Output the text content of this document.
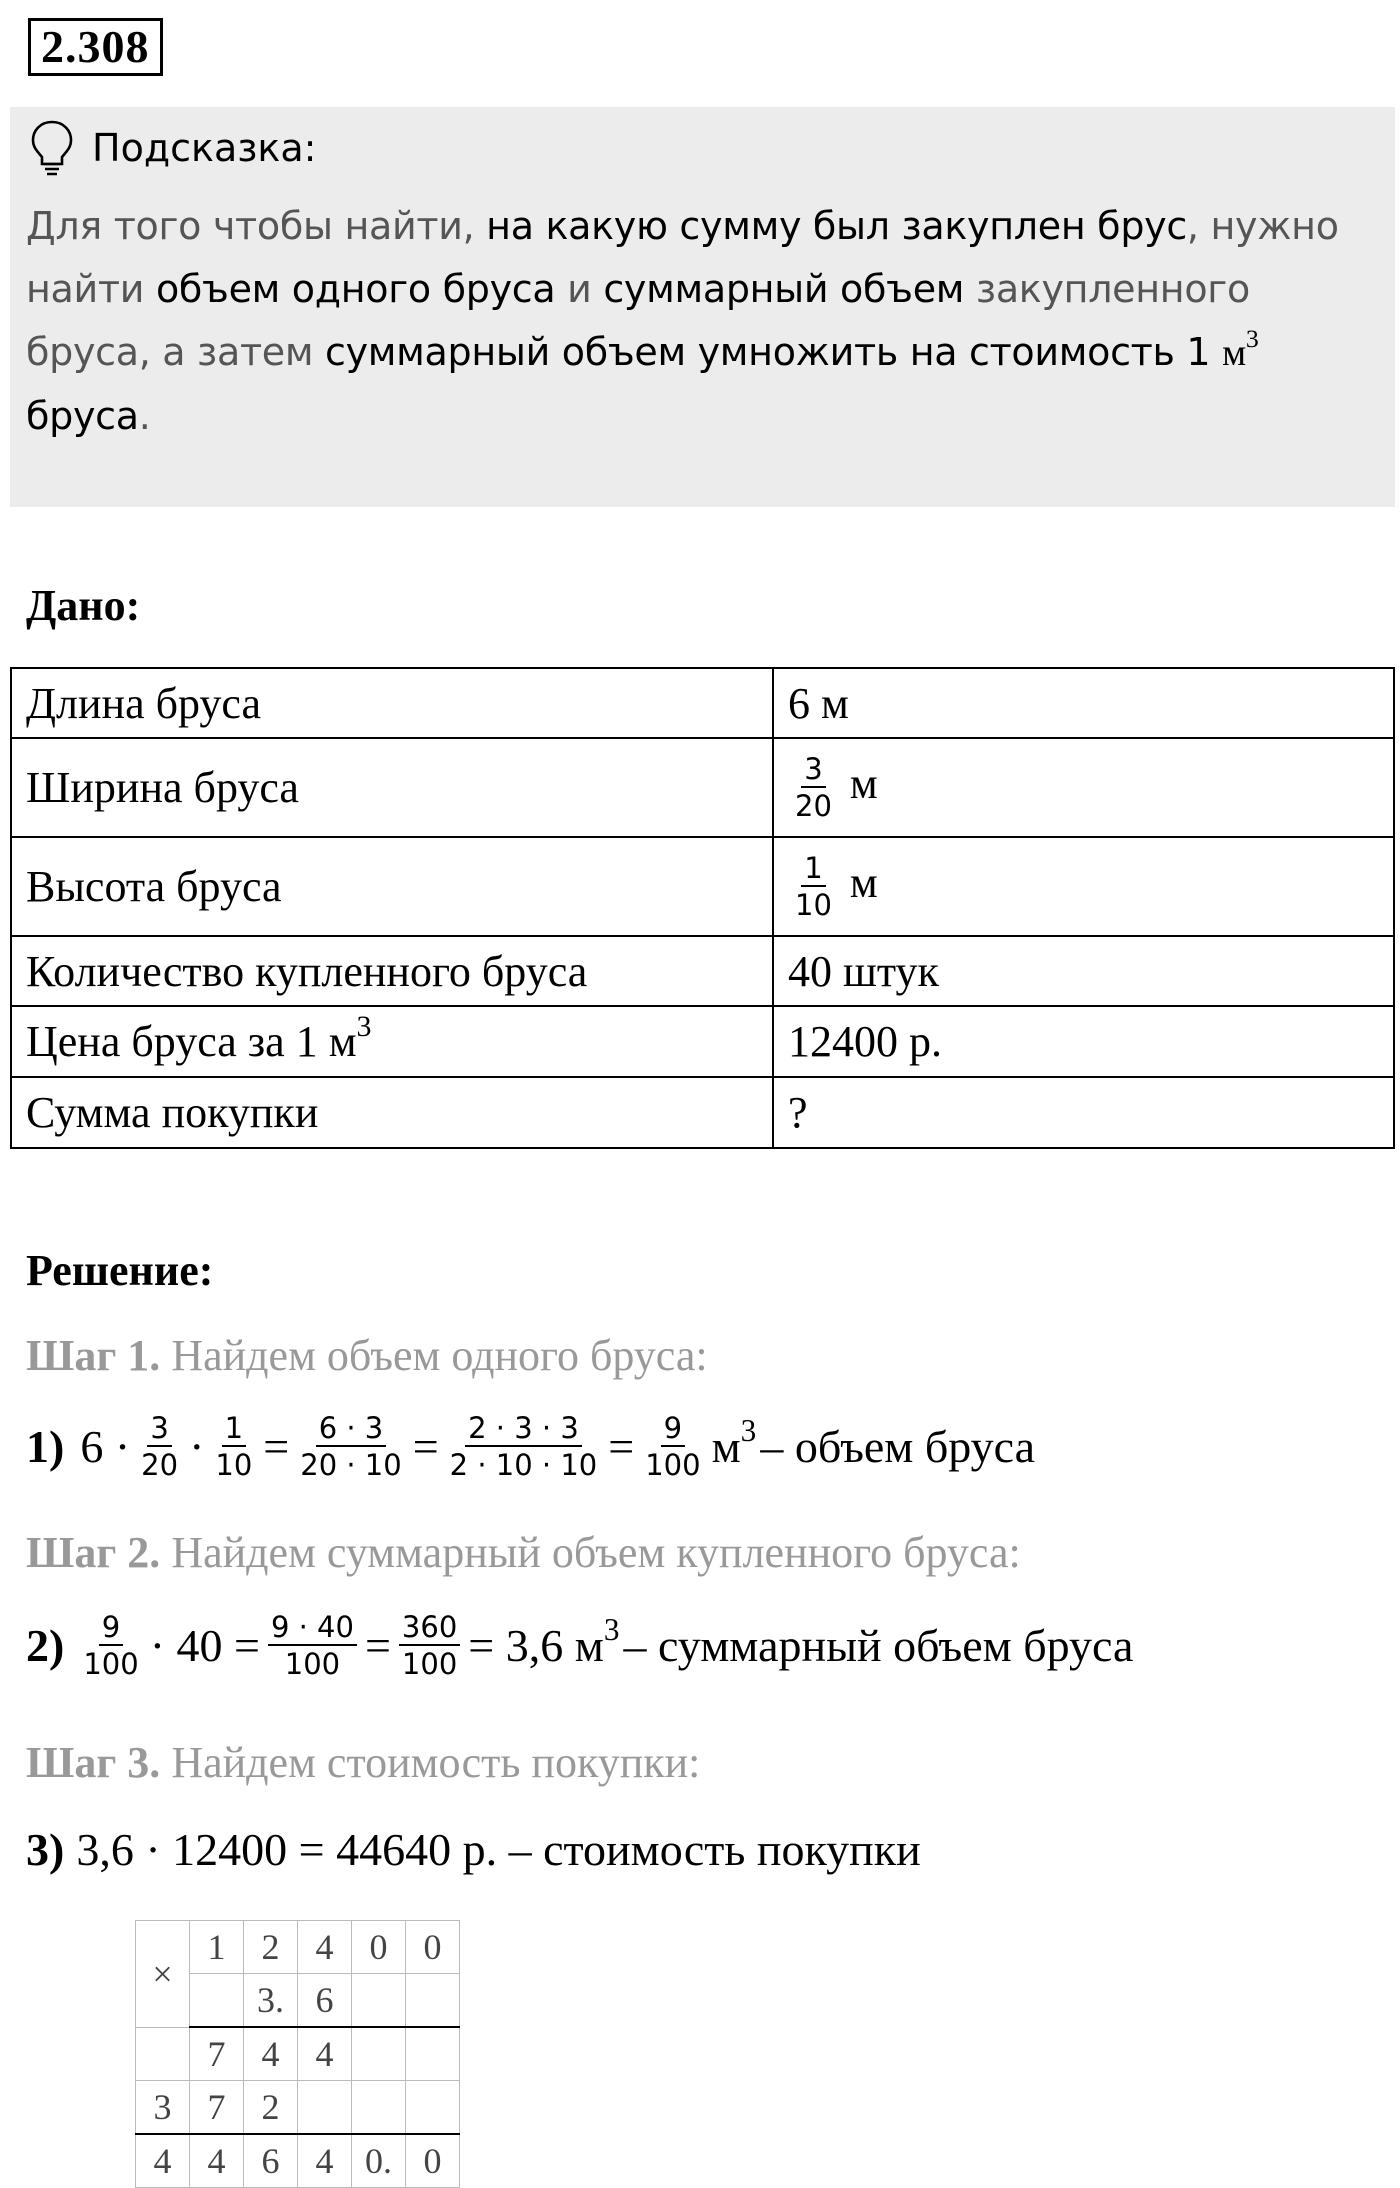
2.308
Подсказка:
Для того чтобы найти, на какую сумму был закуплен брус, нужно найти объем одного бруса и суммарный объем закупленного бруса, а затем суммарный объем умножить на стоимость 1 $м^3$ бруса.
Дано:
Длина бруса	6 м
Ширина бруса	$\frac{3}{20}$ м
Высота бруса	$\frac{1}{10}$ м
Количество купленного бруса	40 штук
Цена бруса за 1 $м^3$	12400 р.
Сумма покупки	?
Решение:
Шаг 1. Найдем объем одного бруса:
1) $6 \cdot \frac{3}{20} \cdot \frac{1}{10} = \frac{6 \cdot 3}{20 \cdot 10} = \frac{2 \cdot 3 \cdot 3}{2 \cdot 10 \cdot 10} = \frac{9}{100} м^3$ – объем бруса
Шаг 2. Найдем суммарный объем купленного бруса:
$2) \frac{9}{100} \cdot 40 = \frac{9 \cdot 40}{100} = \frac{360}{100} = 3,6$ $м^3$ – суммарный объем бруса
Шаг 3. Найдем стоимость покупки:
3) 3,6 · 12400 = 44640 р. – стоимость покупки
×	1	2	4	0	0
		3.	6		
	7	4	4		
3	7	2			
4	4	6	4	0.	0
